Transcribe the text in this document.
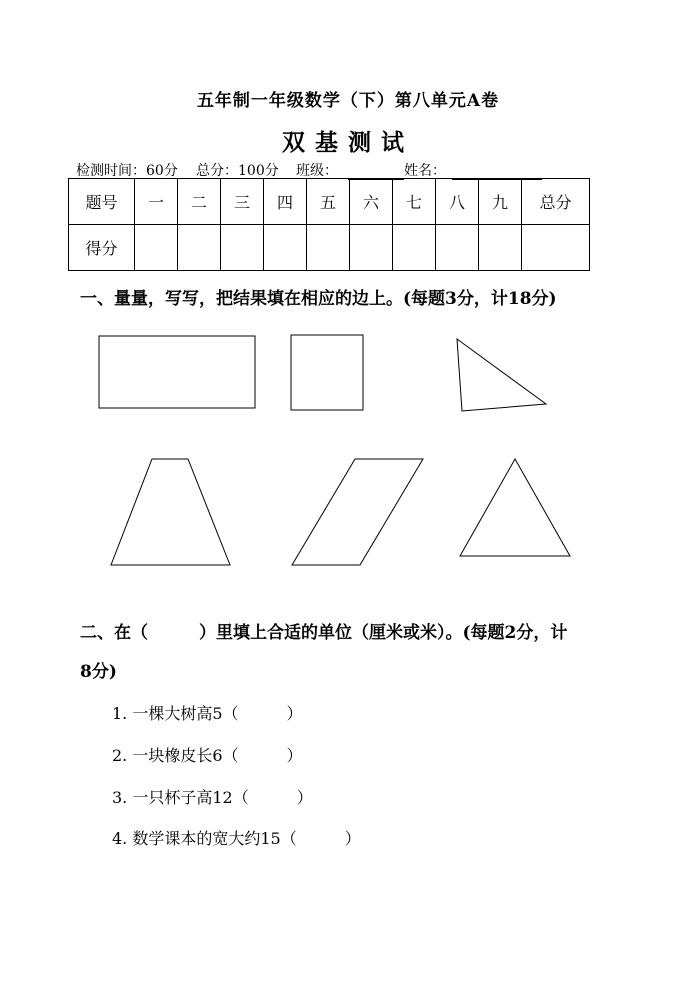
五年制一年级数学（下）第八单元A卷
双基测试
检测时间：60分 总分：100分 班级：	姓名：
题号	一	二	三	四	五	六	七	八	九	总分
得分										
一、量量，写写，把结果填在相应的边上。(每题3分，计18分)
二、在（　　　）里填上合适的单位（厘米或米）。(每题2分，计
8分)
1. 一棵大树高5（　　　）
2. 一块橡皮长6（　　　）
3. 一只杯子高12（　　　）
4. 数学课本的宽大约15（　　　）
